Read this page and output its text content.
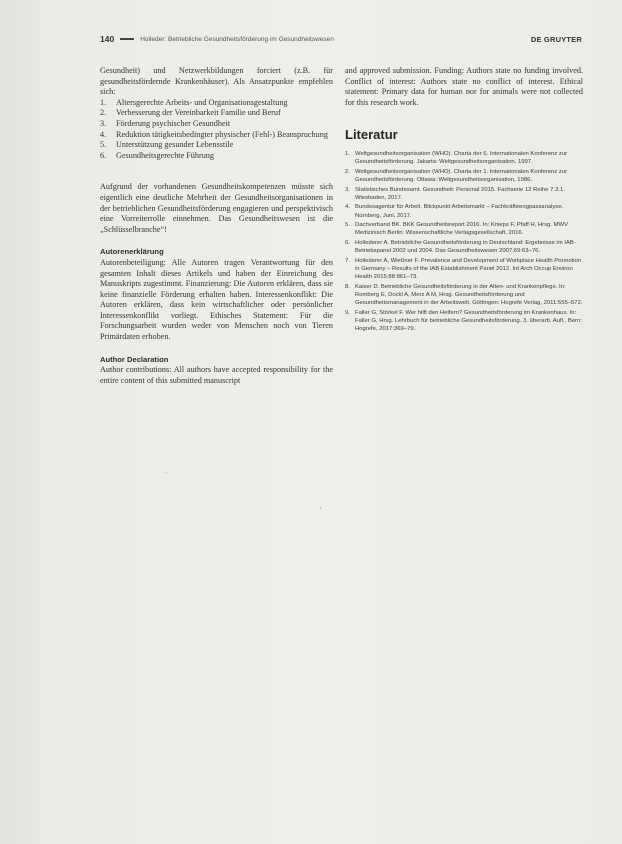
140	Holleder: Betriebliche Gesundheitsförderung im Gesundheitswesen	DE GRUYTER

Gesundheit) und Netzwerkbildungen forciert (z.B. für gesundheitsfördernde Krankenhäuser). Als Ansatzpunkte empfehlen sich:

1.	Altersgerechte Arbeits- und Organisationsgestaltung
2.	Verbesserung der Vereinbarkeit Familie und Beruf
3.	Förderung psychischer Gesundheit
4.	Reduktion tätigkeitsbedingter physischer (Fehl-) Beanspruchung
5.	Unterstützung gesunder Lebensstile
6.	Gesundheitsgerechte Führung

Aufgrund der vorhandenen Gesundheitskompetenzen müsste sich eigentlich eine deutliche Mehrheit der Gesundheitsorganisationen in der betrieblichen Gesundheitsförderung engagieren und perspektivisch eine Vorreiterrolle einnehmen. Das Gesundheitswesen ist die „Schlüsselbranche“!

Autorenerklärung

Autorenbeteiligung: Alle Autoren tragen Verantwortung für den gesamten Inhalt dieses Artikels und haben der Einreichung des Manuskripts zugestimmt. Finanzierung: Die Autoren erklären, dass sie keine finanzielle Förderung erhalten haben. Interessenkonflikt: Die Autoren erklären, dass kein wirtschaftlicher oder persönlicher Interessenkonflikt vorliegt. Ethisches Statement: Für die Forschungsarbeit wurden weder von Menschen noch von Tieren Primärdaten erhoben.

Author Declaration

Author contributions: All authors have accepted responsibility for the entire content of this submitted manuscript

and approved submission. Funding: Authors state no funding involved. Conflict of interest: Authors state no conflict of interest. Ethical statement: Primary data for human nor for animals were not collected for this research work.

Literatur
1. Weltgesundheitsorganisation (WHO). Charta der 6. Internationalen Konferenz zur Gesundheitsförderung. Jakarta: Weltgesundheitsorganisation, 1997.
2. Weltgesundheitsorganisation (WHO). Charta der 1. Internationalen Konferenz zur Gesundheitsförderung. Ottawa: Weltgesundheitsorganisation, 1986.
3. Statistisches Bundesamt. Gesundheit: Personal 2015. Fachserie 12 Reihe 7.3.1. Wiesbaden, 2017.
4. Bundesagentur für Arbeit. Blickpunkt Arbeitsmarkt – Fachkräfteengpassanalyse. Nürnberg, Juni, 2017.
5. Dachverband BK. BKK Gesundheitsreport 2016. In: Knieps F, Pfaff H, Hrsg. MWV Medizinisch Berlin: Wissenschaftliche Verlagsgesellschaft, 2016.
6. Hollederer A. Betriebliche Gesundheitsförderung in Deutschland: Ergebnisse im IAB-Betriebspanel 2002 und 2004. Das Gesundheitswesen 2007;69:63–76.
7. Hollederer A, Wießner F. Prevalence and Development of Workplace Health Promotion in Germany – Results of the IAB Establishment Panel 2012. Int Arch Occup Environ Health 2015;88:861–73.
8. Kaiser D. Betriebliche Gesundheitsförderung in der Alten- und Krankenpflege. In: Romberg E, Dockl A, Merz A M, Hrsg. Gesundheitsförderung und Gesundheitsmanagement in der Arbeitswelt. Göttingen: Hogrefe Verlag, 2011:555–572.
9. Faller G, Störkel F. Wer hilft den Helfern? Gesundheitsförderung im Krankenhaus. In: Faller G, Hrsg. Lehrbuch für betriebliche Gesundheitsförderung. 3. überarb. Aufl., Bern: Hogrefe, 2017:369–79.
`
'
